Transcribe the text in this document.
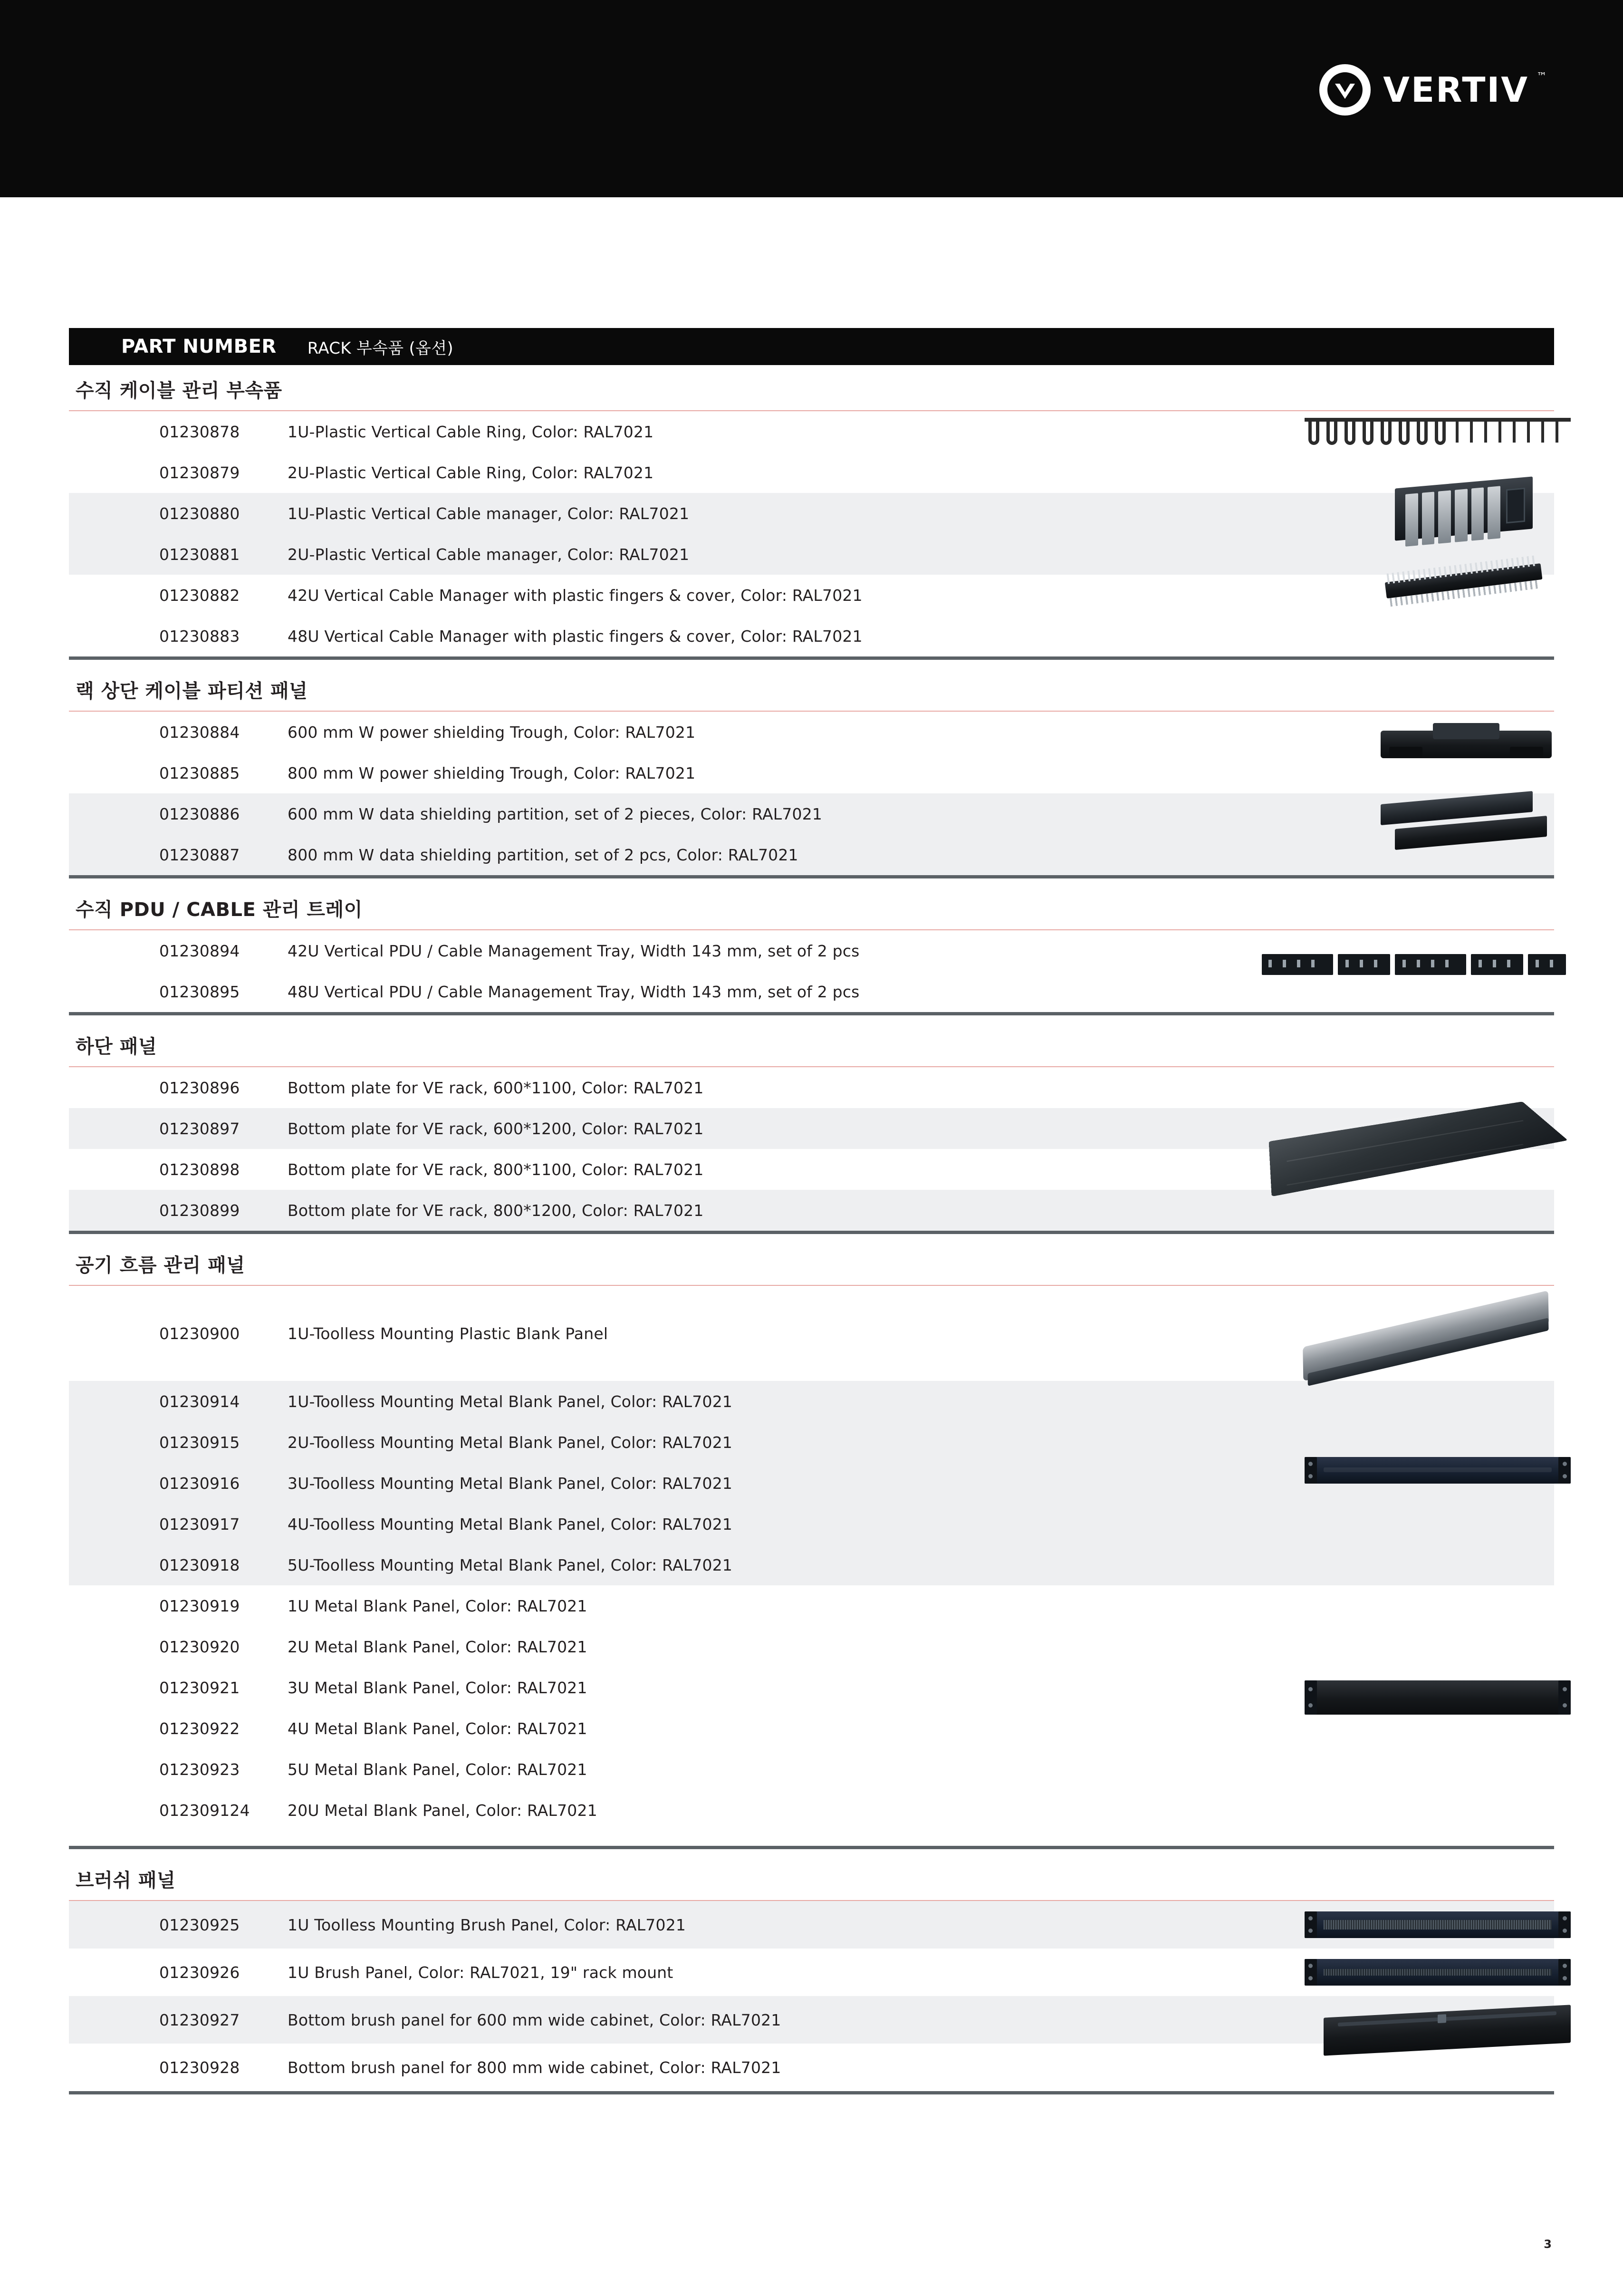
VERTIV ™
PART NUMBER RACK 부속품 (옵션)
수직 케이블 관리 부속품
01230878	1U-Plastic Vertical Cable Ring, Color: RAL7021
01230879	2U-Plastic Vertical Cable Ring, Color: RAL7021
01230880	1U-Plastic Vertical Cable manager, Color: RAL7021
01230881	2U-Plastic Vertical Cable manager, Color: RAL7021
01230882	42U Vertical Cable Manager with plastic fingers & cover, Color: RAL7021
01230883	48U Vertical Cable Manager with plastic fingers & cover, Color: RAL7021
랙 상단 케이블 파티션 패널
01230884	600 mm W power shielding Trough, Color: RAL7021
01230885	800 mm W power shielding Trough, Color: RAL7021
01230886	600 mm W data shielding partition, set of 2 pieces, Color: RAL7021
01230887	800 mm W data shielding partition, set of 2 pcs, Color: RAL7021
수직 PDU / CABLE 관리 트레이
01230894	42U Vertical PDU / Cable Management Tray, Width 143 mm, set of 2 pcs
01230895	48U Vertical PDU / Cable Management Tray, Width 143 mm, set of 2 pcs
하단 패널
01230896	Bottom plate for VE rack, 600*1100, Color: RAL7021
01230897	Bottom plate for VE rack, 600*1200, Color: RAL7021
01230898	Bottom plate for VE rack, 800*1100, Color: RAL7021
01230899	Bottom plate for VE rack, 800*1200, Color: RAL7021
공기 흐름 관리 패널
01230900	1U-Toolless Mounting Plastic Blank Panel
01230914	1U-Toolless Mounting Metal Blank Panel, Color: RAL7021
01230915	2U-Toolless Mounting Metal Blank Panel, Color: RAL7021
01230916	3U-Toolless Mounting Metal Blank Panel, Color: RAL7021
01230917	4U-Toolless Mounting Metal Blank Panel, Color: RAL7021
01230918	5U-Toolless Mounting Metal Blank Panel, Color: RAL7021
01230919	1U Metal Blank Panel, Color: RAL7021
01230920	2U Metal Blank Panel, Color: RAL7021
01230921	3U Metal Blank Panel, Color: RAL7021
01230922	4U Metal Blank Panel, Color: RAL7021
01230923	5U Metal Blank Panel, Color: RAL7021
012309124	20U Metal Blank Panel, Color: RAL7021
브러쉬 패널
01230925	1U Toolless Mounting Brush Panel, Color: RAL7021
01230926	1U Brush Panel, Color: RAL7021, 19" rack mount
01230927	Bottom brush panel for 600 mm wide cabinet, Color: RAL7021
01230928	Bottom brush panel for 800 mm wide cabinet, Color: RAL7021
3
